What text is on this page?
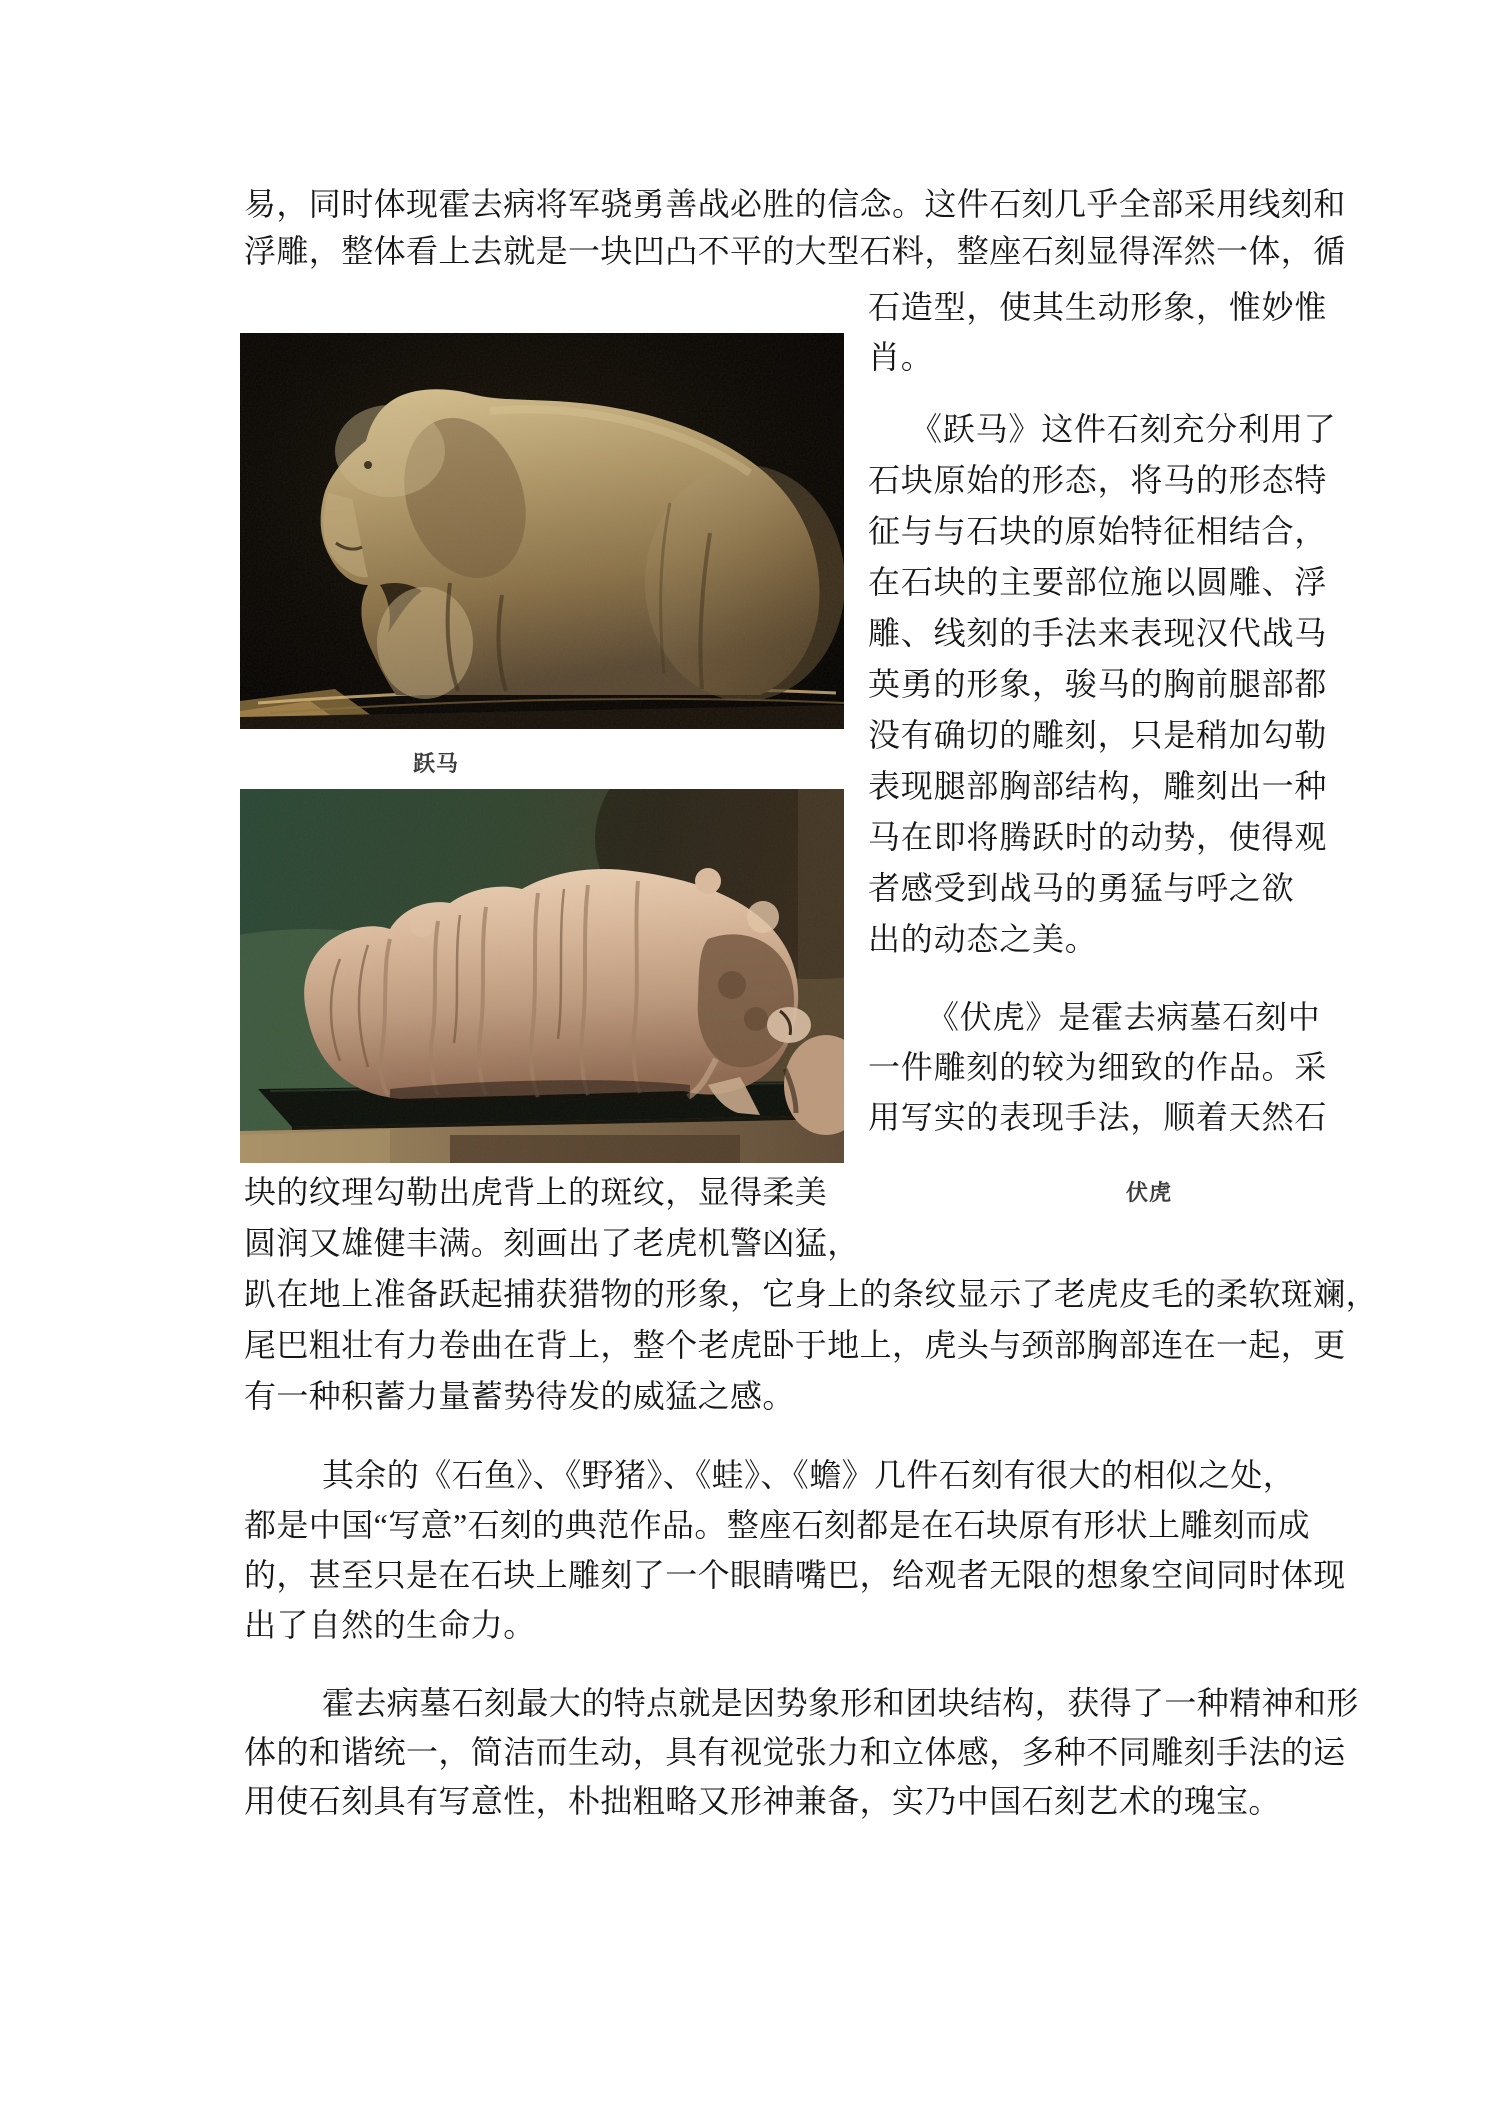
易，同时体现霍去病将军骁勇善战必胜的信念。这件石刻几乎全部采用线刻和
浮雕，整体看上去就是一块凹凸不平的大型石料，整座石刻显得浑然一体，循
石造型，使其生动形象，惟妙惟
肖。
《跃马》这件石刻充分利用了
石块原始的形态，将马的形态特
征与与石块的原始特征相结合，
在石块的主要部位施以圆雕、浮
雕、线刻的手法来表现汉代战马
英勇的形象，骏马的胸前腿部都
没有确切的雕刻，只是稍加勾勒
表现腿部胸部结构，雕刻出一种
马在即将腾跃时的动势，使得观
者感受到战马的勇猛与呼之欲
出的动态之美。
《伏虎》是霍去病墓石刻中
一件雕刻的较为细致的作品。采
用写实的表现手法，顺着天然石
跃马
伏虎
块的纹理勾勒出虎背上的斑纹，显得柔美
圆润又雄健丰满。刻画出了老虎机警凶猛，
趴在地上准备跃起捕获猎物的形象，它身上的条纹显示了老虎皮毛的柔软斑斓，
尾巴粗壮有力卷曲在背上，整个老虎卧于地上，虎头与颈部胸部连在一起，更
有一种积蓄力量蓄势待发的威猛之感。
其余的《石鱼》、《野猪》、《蛙》、《蟾》几件石刻有很大的相似之处，
都是中国“写意”石刻的典范作品。整座石刻都是在石块原有形状上雕刻而成
的，甚至只是在石块上雕刻了一个眼睛嘴巴，给观者无限的想象空间同时体现
出了自然的生命力。
霍去病墓石刻最大的特点就是因势象形和团块结构，获得了一种精神和形
体的和谐统一，简洁而生动，具有视觉张力和立体感，多种不同雕刻手法的运
用使石刻具有写意性，朴拙粗略又形神兼备，实乃中国石刻艺术的瑰宝。
